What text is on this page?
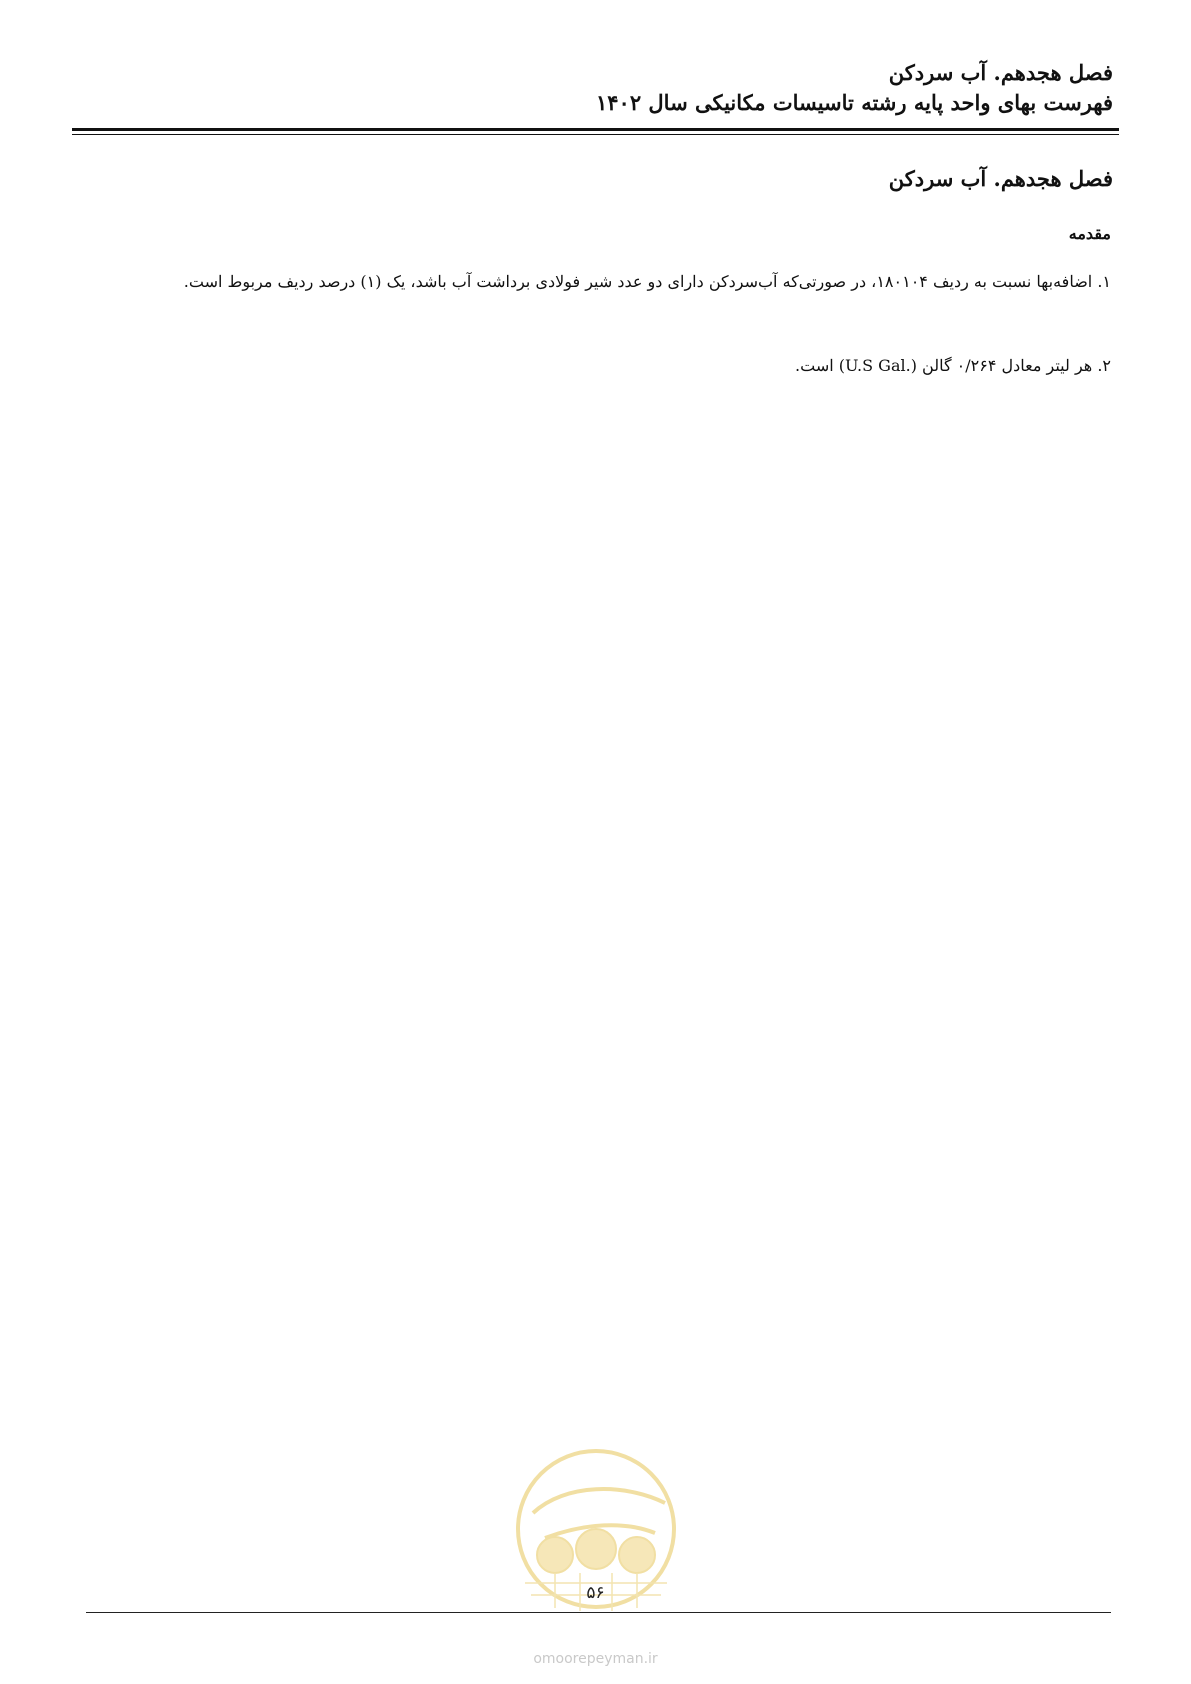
فصل هجدهم. آب سردکن
فهرست بهای واحد پایه رشته تاسیسات مکانیکی سال ۱۴۰۲
فصل هجدهم. آب سردکن
مقدمه
۱. اضافه‌بها نسبت به ردیف ۱۸۰۱۰۴، در صورتی‌که آب‌سردکن دارای دو عدد شیر فولادی برداشت آب باشد، یک (۱) درصد ردیف مربوط است.
۲. هر لیتر معادل ۰/۲۶۴ گالن (.U.S Gal) است.
۵۶
omoorepeyman.ir
